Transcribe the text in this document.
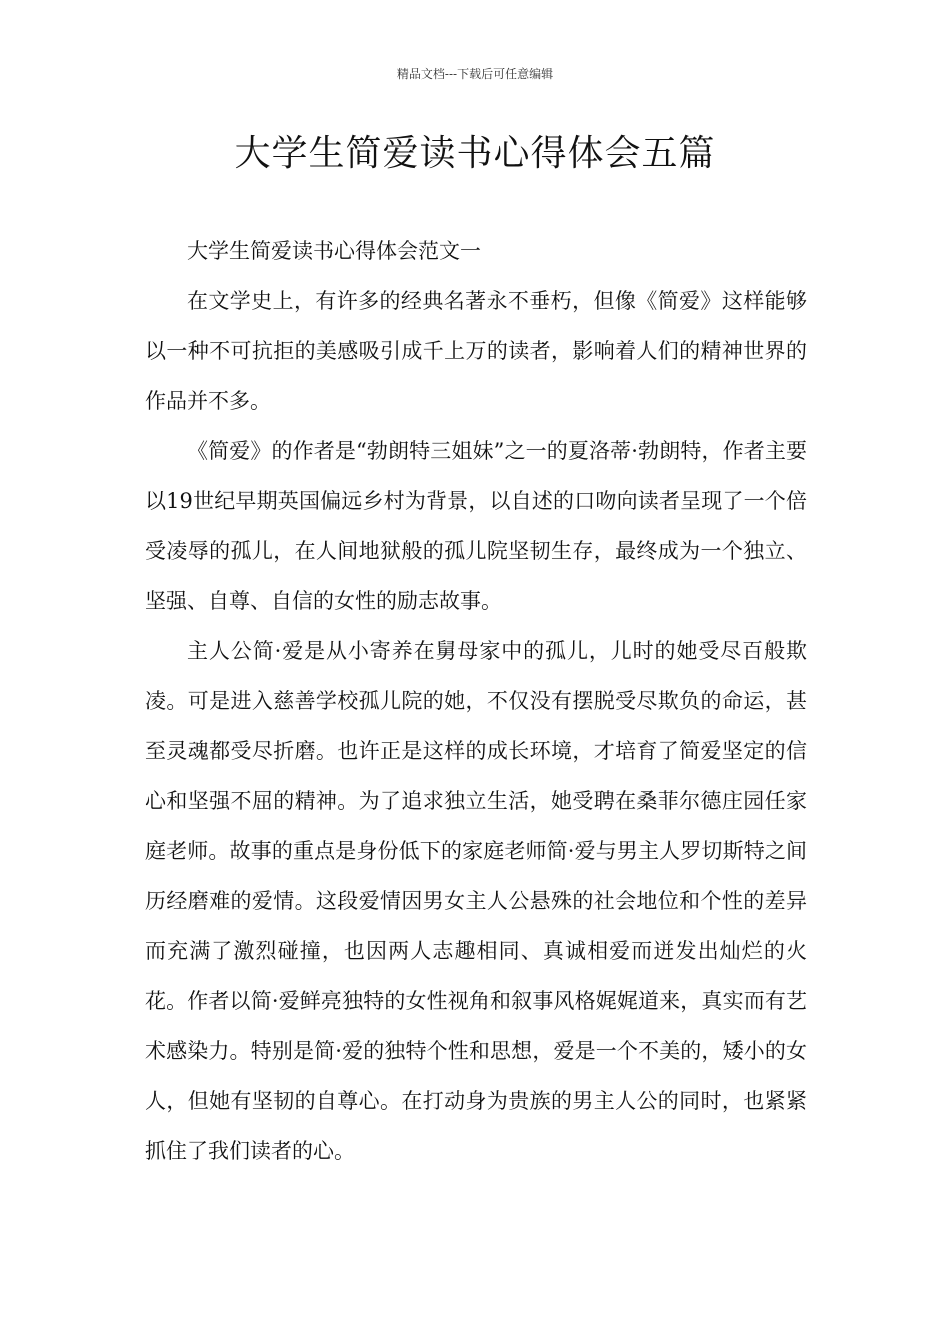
精品文档---下载后可任意编辑
大学生简爱读书心得体会五篇

大学生简爱读书心得体会范文一

在文学史上，有许多的经典名著永不垂朽，但像《简爱》这样能够以一种不可抗拒的美感吸引成千上万的读者，影响着人们的精神世界的作品并不多。

《简爱》的作者是“勃朗特三姐妹”之一的夏洛蒂·勃朗特，作者主要以19世纪早期英国偏远乡村为背景，以自述的口吻向读者呈现了一个倍受凌辱的孤儿，在人间地狱般的孤儿院坚韧生存，最终成为一个独立、坚强、自尊、自信的女性的励志故事。

主人公简·爱是从小寄养在舅母家中的孤儿，儿时的她受尽百般欺凌。可是进入慈善学校孤儿院的她，不仅没有摆脱受尽欺负的命运，甚至灵魂都受尽折磨。也许正是这样的成长环境，才培育了简爱坚定的信心和坚强不屈的精神。为了追求独立生活，她受聘在桑菲尔德庄园任家庭老师。故事的重点是身份低下的家庭老师简·爱与男主人罗切斯特之间历经磨难的爱情。这段爱情因男女主人公悬殊的社会地位和个性的差异而充满了激烈碰撞，也因两人志趣相同、真诚相爱而迸发出灿烂的火花。作者以简·爱鲜亮独特的女性视角和叙事风格娓娓道来，真实而有艺术感染力。特别是简·爱的独特个性和思想，爱是一个不美的，矮小的女人，但她有坚韧的自尊心。在打动身为贵族的男主人公的同时，也紧紧抓住了我们读者的心。
